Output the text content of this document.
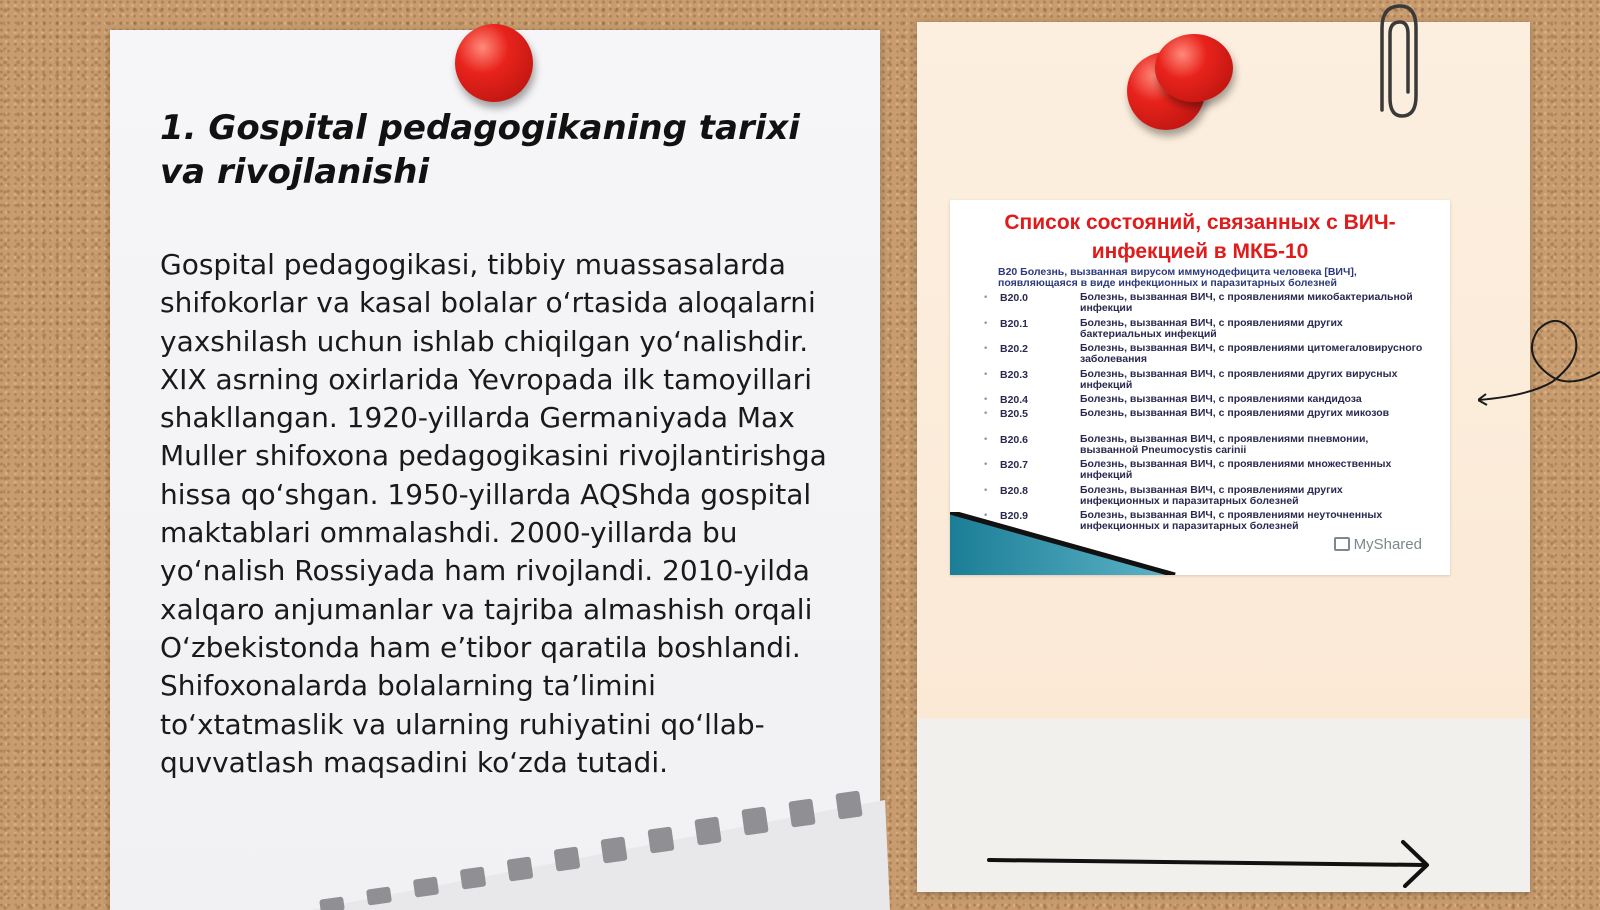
1. Gospital pedagogikaning tarixi va rivojlanishi

Gospital pedagogikasi, tibbiy muassasalarda shifokorlar va kasal bolalar o‘rtasida aloqalarni yaxshilash uchun ishlab chiqilgan yo‘nalishdir. XIX asrning oxirlarida Yevropada ilk tamoyillari shakllangan. 1920-yillarda Germaniyada Max Muller shifoxona pedagogikasini rivojlantirishga hissa qo‘shgan. 1950-yillarda AQShda gospital maktablari ommalashdi. 2000-yillarda bu yo‘nalish Rossiyada ham rivojlandi. 2010-yilda xalqaro anjumanlar va tajriba almashish orqali O‘zbekistonda ham e’tibor qaratila boshlandi. Shifoxonalarda bolalarning ta’limini to‘xtatmaslik va ularning ruhiyatini qo‘llab-quvvatlash maqsadini ko‘zda tutadi.

Список состояний, связанных с ВИЧ-инфекцией в МКБ-10

B20 Болезнь, вызванная вирусом иммунодефицита человека [ВИЧ], появляющаяся в виде инфекционных и паразитарных болезней
• B20.0	Болезнь, вызванная ВИЧ, с проявлениями микобактериальной инфекции
• B20.1	Болезнь, вызванная ВИЧ, с проявлениями других бактериальных инфекций
• B20.2	Болезнь, вызванная ВИЧ, с проявлениями цитомегаловирусного заболевания
• B20.3	Болезнь, вызванная ВИЧ, с проявлениями других вирусных инфекций
• B20.4	Болезнь, вызванная ВИЧ, с проявлениями кандидоза
• B20.5	Болезнь, вызванная ВИЧ, с проявлениями других микозов
• B20.6	Болезнь, вызванная ВИЧ, с проявлениями пневмонии, вызванной Pneumocystis carinii
• B20.7	Болезнь, вызванная ВИЧ, с проявлениями множественных инфекций
• B20.8	Болезнь, вызванная ВИЧ, с проявлениями других инфекционных и паразитарных болезней
• B20.9	Болезнь, вызванная ВИЧ, с проявлениями неуточненных инфекционных и паразитарных болезней
MyShared
